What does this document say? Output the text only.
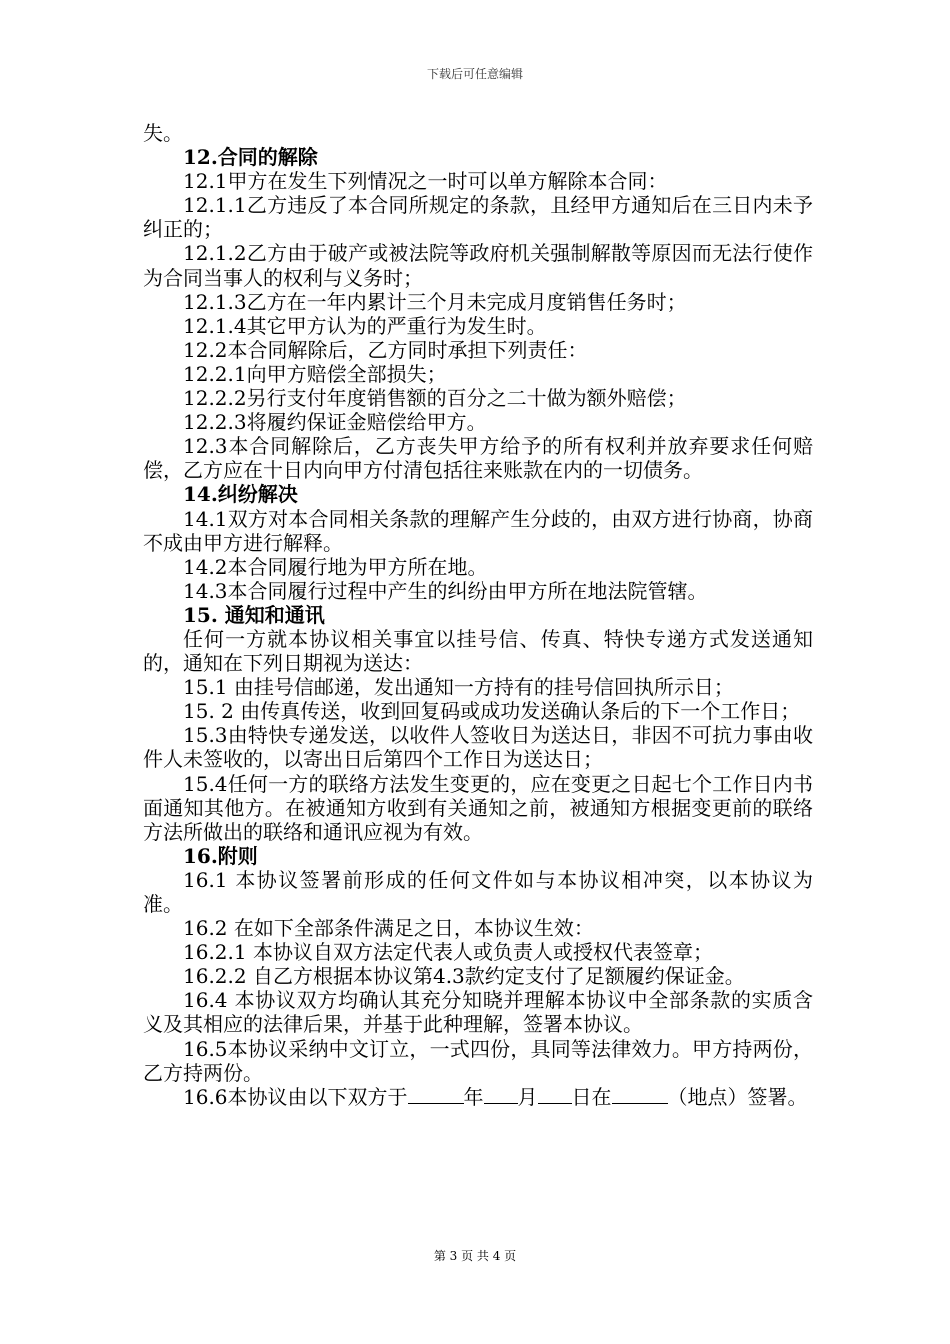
下载后可任意编辑

失。

12.合同的解除

12.1甲方在发生下列情况之一时可以单方解除本合同：

12.1.1乙方违反了本合同所规定的条款，且经甲方通知后在三日内未予纠正的；

12.1.2乙方由于破产或被法院等政府机关强制解散等原因而无法行使作为合同当事人的权利与义务时；

12.1.3乙方在一年内累计三个月未完成月度销售任务时；

12.1.4其它甲方认为的严重行为发生时。

12.2本合同解除后，乙方同时承担下列责任：

12.2.1向甲方赔偿全部损失；

12.2.2另行支付年度销售额的百分之二十做为额外赔偿；

12.2.3将履约保证金赔偿给甲方。

12.3本合同解除后，乙方丧失甲方给予的所有权利并放弃要求任何赔偿，乙方应在十日内向甲方付清包括往来账款在内的一切债务。

14.纠纷解决

14.1双方对本合同相关条款的理解产生分歧的，由双方进行协商，协商不成由甲方进行解释。

14.2本合同履行地为甲方所在地。

14.3本合同履行过程中产生的纠纷由甲方所在地法院管辖。

15. 通知和通讯

任何一方就本协议相关事宜以挂号信、传真、特快专递方式发送通知的，通知在下列日期视为送达：

15.1 由挂号信邮递，发出通知一方持有的挂号信回执所示日；

15. 2 由传真传送，收到回复码或成功发送确认条后的下一个工作日；

15.3由特快专递发送，以收件人签收日为送达日，非因不可抗力事由收件人未签收的，以寄出日后第四个工作日为送达日；

15.4任何一方的联络方法发生变更的，应在变更之日起七个工作日内书面通知其他方。在被通知方收到有关通知之前，被通知方根据变更前的联络方法所做出的联络和通讯应视为有效。

16.附则

16.1 本协议签署前形成的任何文件如与本协议相冲突，以本协议为准。

16.2 在如下全部条件满足之日，本协议生效：

16.2.1 本协议自双方法定代表人或负责人或授权代表签章；

16.2.2 自乙方根据本协议第4.3款约定支付了足额履约保证金。

16.4 本协议双方均确认其充分知晓并理解本协议中全部条款的实质含义及其相应的法律后果，并基于此种理解，签署本协议。

16.5本协议采纳中文订立，一式四份，具同等法律效力。甲方持两份，乙方持两份。

16.6本协议由以下双方于	年 月 日在	（地点）签署。

第 3 页 共 4 页
